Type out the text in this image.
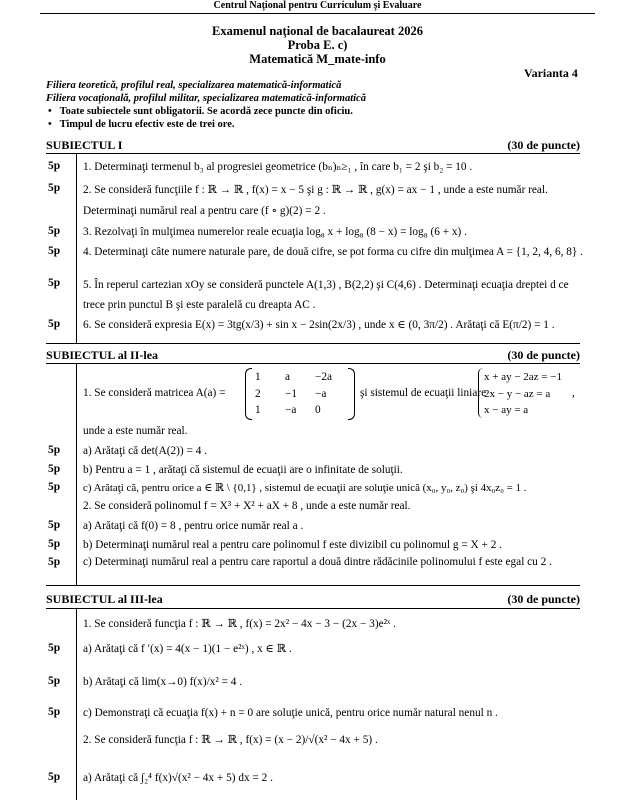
Centrul Naţional pentru Curriculum şi Evaluare
Examenul naţional de bacalaureat 2026
Proba E. c)
Matematică M_mate-info
Varianta 4
Filiera teoretică, profilul real, specializarea matematică-informatică
Filiera vocaţională, profilul militar, specializarea matematică-informatică
•   Toate subiectele sunt obligatorii. Se acordă zece puncte din oficiu.
•   Timpul de lucru efectiv este de trei ore.
SUBIECTUL I	(30 de puncte)
5p	1. Determinaţi termenul b₃ al progresiei geometrice (bₙ)ₙ≥₁ , în care b₁ = 2 şi b₂ = 10 .
5p	2. Se consideră funcţiile f : ℝ → ℝ , f(x) = x − 5 şi g : ℝ → ℝ , g(x) = ax − 1 , unde a este număr real. Determinaţi numărul real a pentru care (f ∘ g)(2) = 2 .
5p	3. Rezolvaţi în mulţimea numerelor reale ecuaţia log₈ x + log₈ (8 − x) = log₈ (6 + x) .
5p	4. Determinaţi câte numere naturale pare, de două cifre, se pot forma cu cifre din mulţimea A = {1, 2, 4, 6, 8} .
5p	5. În reperul cartezian xOy se consideră punctele A(1,3) , B(2,2) şi C(4,6) . Determinaţi ecuaţia dreptei d ce trece prin punctul B şi este paralelă cu dreapta AC .
5p	6. Se consideră expresia E(x) = 3tg(x/3) + sin x − 2sin(2x/3) , unde x ∈ (0, 3π/2) . Arătaţi că E(π/2) = 1 .
SUBIECTUL al II-lea	(30 de puncte)
1. Se consideră matricea A(a) =
1	a	−2a
2	−1	−a
1	−a	0
şi sistemul de ecuaţii liniare
x + ay − 2az = −1
2x − y − az = a
x − ay = a
,
unde a este număr real.
5p	a) Arătaţi că det(A(2)) = 4 .
5p	b) Pentru a = 1 , arătaţi că sistemul de ecuaţii are o infinitate de soluţii.
5p	c) Arătaţi că, pentru orice a ∈ ℝ \ {0,1} , sistemul de ecuaţii are soluţie unică (x₀, y₀, z₀) şi 4x₀z₀ = 1 .
2. Se consideră polinomul f = X³ + X² + aX + 8 , unde a este număr real.
5p	a) Arătaţi că f(0) = 8 , pentru orice număr real a .
5p	b) Determinaţi numărul real a pentru care polinomul f este divizibil cu polinomul g = X + 2 .
5p	c) Determinaţi numărul real a pentru care raportul a două dintre rădăcinile polinomului f este egal cu 2 .
SUBIECTUL al III-lea	(30 de puncte)
1. Se consideră funcţia f : ℝ → ℝ , f(x) = 2x² − 4x − 3 − (2x − 3)e²ˣ .
5p	a) Arătaţi că f ′(x) = 4(x − 1)(1 − e²ˣ) , x ∈ ℝ .
5p	b) Arătaţi că lim(x→0) f(x)/x² = 4 .
5p	c) Demonstraţi că ecuaţia f(x) + n = 0 are soluţie unică, pentru orice număr natural nenul n .
2. Se consideră funcţia f : ℝ → ℝ , f(x) = (x − 2)/√(x² − 4x + 5) .
5p	a) Arătaţi că ∫₂⁴ f(x)√(x² − 4x + 5) dx = 2 .
